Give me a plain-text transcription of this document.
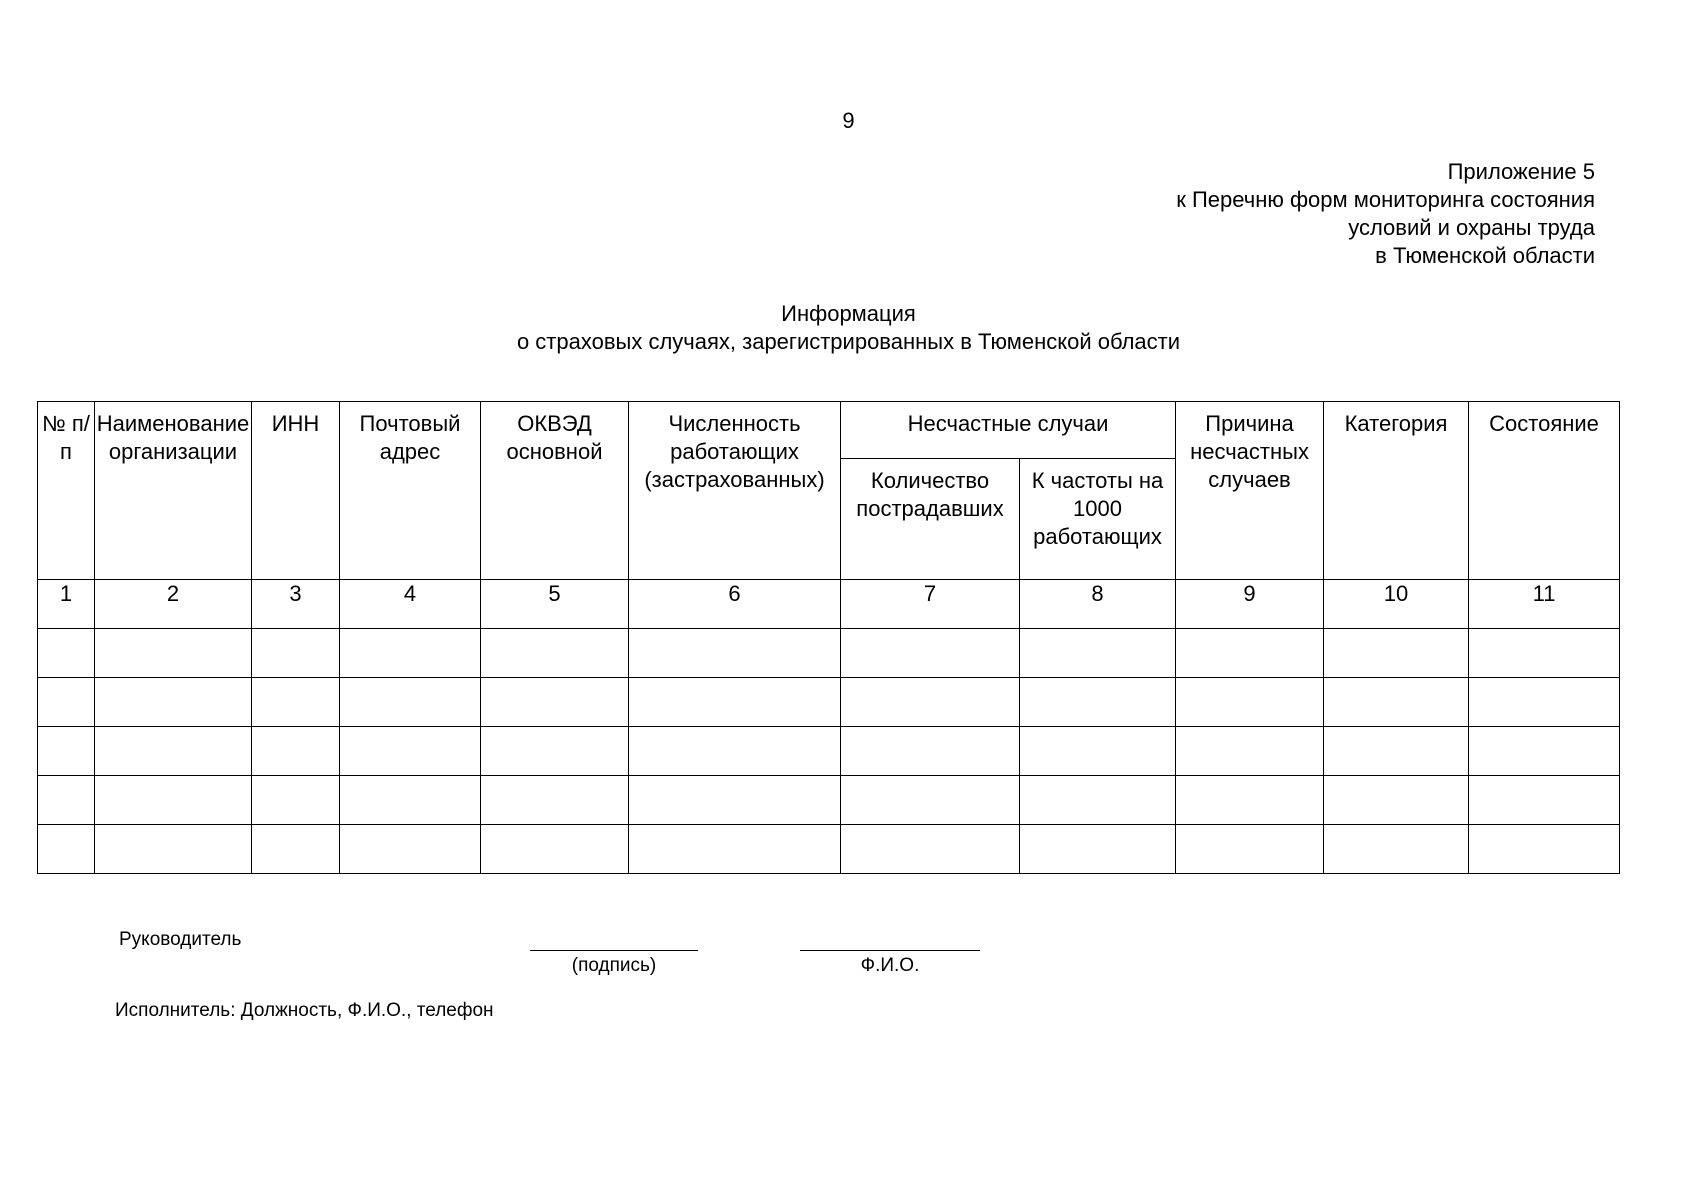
9
Приложение 5
к Перечню форм мониторинга состояния
условий и охраны труда
в Тюменской области
Информация
о страховых случаях, зарегистрированных в Тюменской области
№ п/п	Наименование организации	ИНН	Почтовый адрес	ОКВЭД основной	Численность работающих (застрахованных)	Несчастные случаи		Причина несчастных случаев	Категория	Состояние
						Количество пострадавших	К частоты на 1000 работающих			
1	2	3	4	5	6	7	8	9	10	11

Руководитель
(подпись)	Ф.И.О.
Исполнитель: Должность, Ф.И.О., телефон
